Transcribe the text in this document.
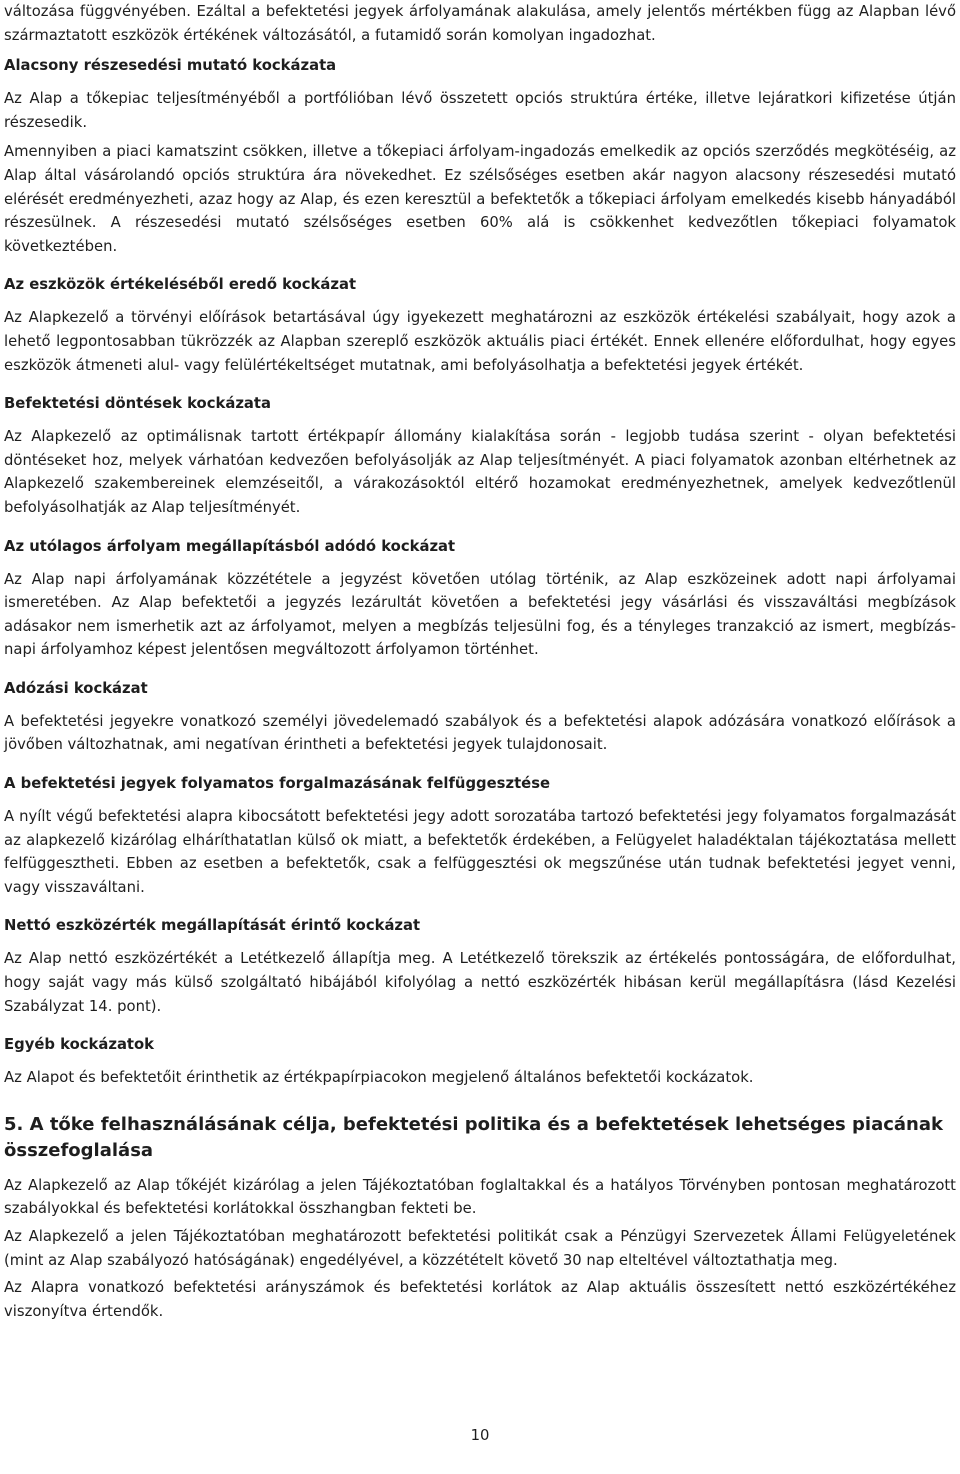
változása függvényében. Ezáltal a befektetési jegyek árfolyamának alakulása, amely jelentős mértékben függ az Alapban lévő származtatott eszközök értékének változásától, a futamidő során komolyan ingadozhat.

Alacsony részesedési mutató kockázata

Az Alap a tőkepiac teljesítményéből a portfólióban lévő összetett opciós struktúra értéke, illetve lejáratkori kifizetése útján részesedik.

Amennyiben a piaci kamatszint csökken, illetve a tőkepiaci árfolyam-ingadozás emelkedik az opciós szerződés megkötéséig, az Alap által vásárolandó opciós struktúra ára növekedhet. Ez szélsőséges esetben akár nagyon alacsony részesedési mutató elérését eredményezheti, azaz hogy az Alap, és ezen keresztül a befektetők a tőkepiaci árfolyam emelkedés kisebb hányadából részesülnek. A részesedési mutató szélsőséges esetben 60% alá is csökkenhet kedvezőtlen tőkepiaci folyamatok következtében.

Az eszközök értékeléséből eredő kockázat

Az Alapkezelő a törvényi előírások betartásával úgy igyekezett meghatározni az eszközök értékelési szabályait, hogy azok a lehető legpontosabban tükrözzék az Alapban szereplő eszközök aktuális piaci értékét. Ennek ellenére előfordulhat, hogy egyes eszközök átmeneti alul- vagy felülértékeltséget mutatnak, ami befolyásolhatja a befektetési jegyek értékét.

Befektetési döntések kockázata

Az Alapkezelő az optimálisnak tartott értékpapír állomány kialakítása során - legjobb tudása szerint - olyan befektetési döntéseket hoz, melyek várhatóan kedvezően befolyásolják az Alap teljesítményét. A piaci folyamatok azonban eltérhetnek az Alapkezelő szakembereinek elemzéseitől, a várakozásoktól eltérő hozamokat eredményezhetnek, amelyek kedvezőtlenül befolyásolhatják az Alap teljesítményét.

Az utólagos árfolyam megállapításból adódó kockázat

Az Alap napi árfolyamának közzététele a jegyzést követően utólag történik, az Alap eszközeinek adott napi árfolyamai ismeretében. Az Alap befektetői a jegyzés lezárultát követően a befektetési jegy vásárlási és visszaváltási megbízások adásakor nem ismerhetik azt az árfolyamot, melyen a megbízás teljesülni fog, és a tényleges tranzakció az ismert, megbízás-napi árfolyamhoz képest jelentősen megváltozott árfolyamon történhet.

Adózási kockázat

A befektetési jegyekre vonatkozó személyi jövedelemadó szabályok és a befektetési alapok adózására vonatkozó előírások a jövőben változhatnak, ami negatívan érintheti a befektetési jegyek tulajdonosait.

A befektetési jegyek folyamatos forgalmazásának felfüggesztése

A nyílt végű befektetési alapra kibocsátott befektetési jegy adott sorozatába tartozó befektetési jegy folyamatos forgalmazását az alapkezelő kizárólag elháríthatatlan külső ok miatt, a befektetők érdekében, a Felügyelet haladéktalan tájékoztatása mellett felfüggesztheti. Ebben az esetben a befektetők, csak a felfüggesztési ok megszűnése után tudnak befektetési jegyet venni, vagy visszaváltani.

Nettó eszközérték megállapítását érintő kockázat

Az Alap nettó eszközértékét a Letétkezelő állapítja meg. A Letétkezelő törekszik az értékelés pontosságára, de előfordulhat, hogy saját vagy más külső szolgáltató hibájából kifolyólag a nettó eszközérték hibásan kerül megállapításra (lásd Kezelési Szabályzat 14. pont).

Egyéb kockázatok

Az Alapot és befektetőit érinthetik az értékpapírpiacokon megjelenő általános befektetői kockázatok.

5. A tőke felhasználásának célja, befektetési politika és a befektetések lehetséges piacának összefoglalása

Az Alapkezelő az Alap tőkéjét kizárólag a jelen Tájékoztatóban foglaltakkal és a hatályos Törvényben pontosan meghatározott szabályokkal és befektetési korlátokkal összhangban fekteti be.

Az Alapkezelő a jelen Tájékoztatóban meghatározott befektetési politikát csak a Pénzügyi Szervezetek Állami Felügyeletének (mint az Alap szabályozó hatóságának) engedélyével, a közzétételt követő 30 nap elteltével változtathatja meg.

Az Alapra vonatkozó befektetési arányszámok és befektetési korlátok az Alap aktuális összesített nettó eszközértékéhez viszonyítva értendők.

10
